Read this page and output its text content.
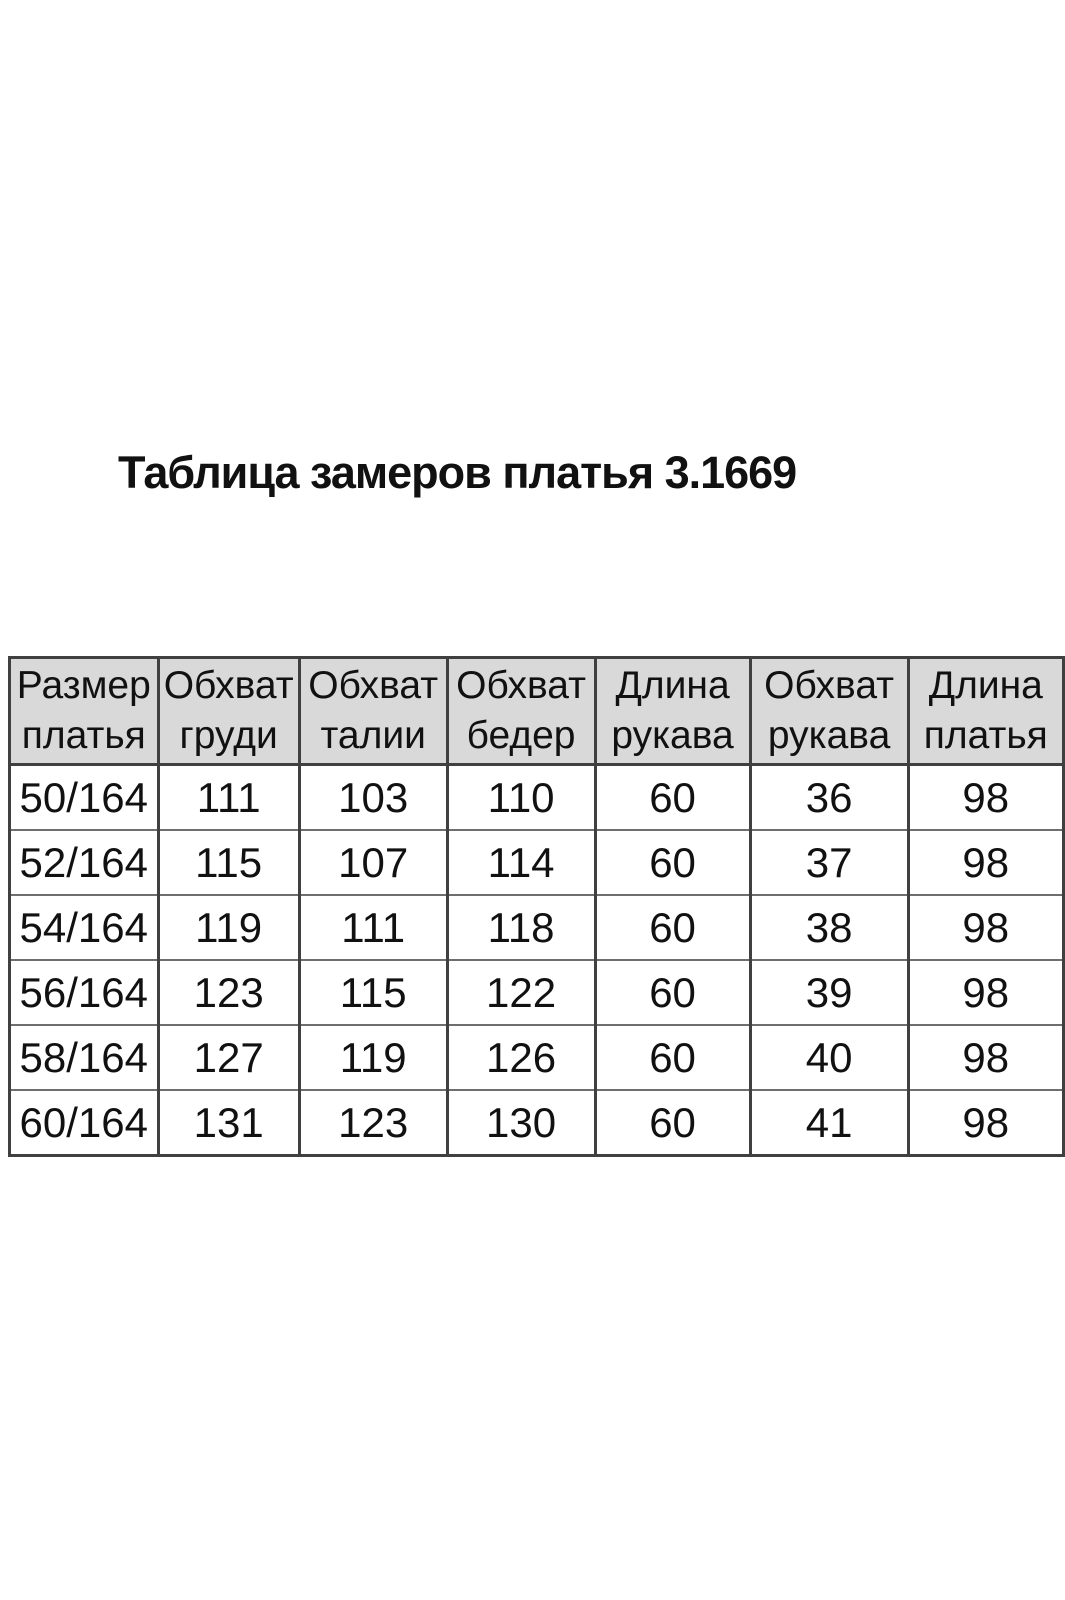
Таблица замеров платья 3.1669
Размер платья	Обхват груди	Обхват талии	Обхват бедер	Длина рукава	Обхват рукава	Длина платья
50/164	111	103	110	60	36	98
52/164	115	107	114	60	37	98
54/164	119	111	118	60	38	98
56/164	123	115	122	60	39	98
58/164	127	119	126	60	40	98
60/164	131	123	130	60	41	98
